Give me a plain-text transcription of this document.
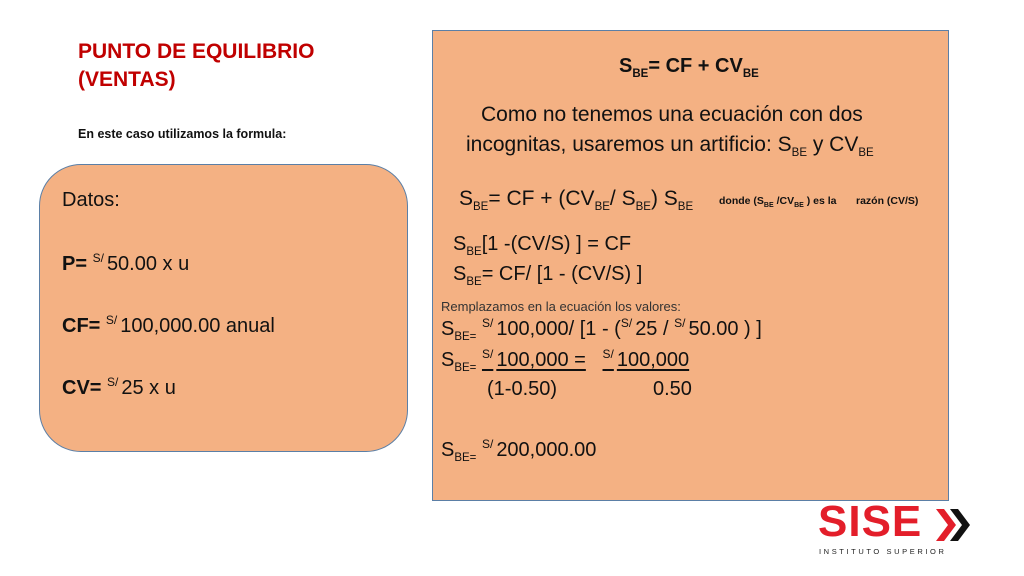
PUNTO DE EQUILIBRIO
(VENTAS)
En este caso utilizamos la formula:
Datos:
P= $^{S/}$ 50.00 x u
CF= $^{S/}$ 100,000.00 anual
CV= $^{S/}$ 25 x u
$S_{BE}=$ CF + $CV_{BE}$
Como no tenemos una ecuación con dos
incognitas, usaremos un artificio: $S_{BE}$ y $CV_{BE}$
$S_{BE}=$ CF + ($CV_{BE}/$ $S_{BE}$) $S_{BE}$ donde ($S_{BE}$ $/CV_{BE}$ ) es la razón (CV/S)
$S_{BE}[1$ -(CV/S) ] = CF
$S_{BE}= CF/$ [1 - (CV/S) ]
Remplazamos en la ecuación los valores:
$S_{BE=}$ $^{S/}$ 100,000/ [1 - ($^{S/}$ 25 / $^{S/}$ 50.00 ) ]
$S_{BE=}$ $^{S/}$ 100,000 = $^{S/}$ 100,000
(1-0.50)	0.50
$S_{BE=}$ $^{S/}$ 200,000.00
SISE
INSTITUTO SUPERIOR
